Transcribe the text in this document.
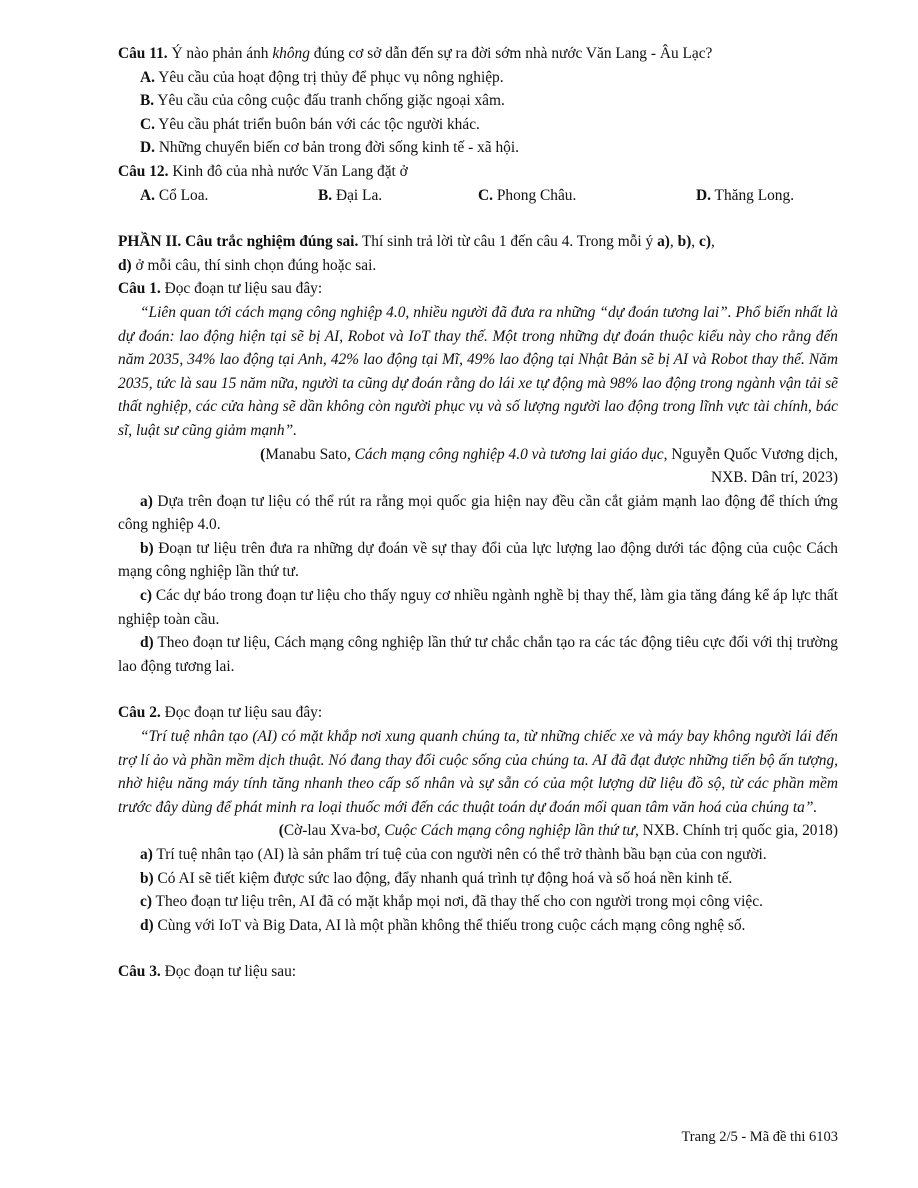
Câu 11. Ý nào phản ánh không đúng cơ sở dẫn đến sự ra đời sớm nhà nước Văn Lang - Âu Lạc?

A. Yêu cầu của hoạt động trị thủy để phục vụ nông nghiệp.

B. Yêu cầu của công cuộc đấu tranh chống giặc ngoại xâm.

C. Yêu cầu phát triển buôn bán với các tộc người khác.

D. Những chuyển biến cơ bản trong đời sống kinh tế - xã hội.

Câu 12. Kinh đô của nhà nước Văn Lang đặt ở

A. Cổ Loa.	B. Đại La.	C. Phong Châu.	D. Thăng Long.

PHẦN II. Câu trắc nghiệm đúng sai. Thí sinh trả lời từ câu 1 đến câu 4. Trong mỗi ý a), b), c),
d) ở mỗi câu, thí sinh chọn đúng hoặc sai.

Câu 1. Đọc đoạn tư liệu sau đây:

“Liên quan tới cách mạng công nghiệp 4.0, nhiều người đã đưa ra những “dự đoán tương lai”. Phổ biến nhất là dự đoán: lao động hiện tại sẽ bị AI, Robot và IoT thay thế. Một trong những dự đoán thuộc kiểu này cho rằng đến năm 2035, 34% lao động tại Anh, 42% lao động tại Mĩ, 49% lao động tại Nhật Bản sẽ bị AI và Robot thay thế. Năm 2035, tức là sau 15 năm nữa, người ta cũng dự đoán rằng do lái xe tự động mà 98% lao động trong ngành vận tải sẽ thất nghiệp, các cửa hàng sẽ dần không còn người phục vụ và số lượng người lao động trong lĩnh vực tài chính, bác sĩ, luật sư cũng giảm mạnh”.

(Manabu Sato, Cách mạng công nghiệp 4.0 và tương lai giáo dục, Nguyễn Quốc Vương dịch,
NXB. Dân trí, 2023)

a) Dựa trên đoạn tư liệu có thể rút ra rằng mọi quốc gia hiện nay đều cần cắt giảm mạnh lao động để thích ứng công nghiệp 4.0.

b) Đoạn tư liệu trên đưa ra những dự đoán về sự thay đổi của lực lượng lao động dưới tác động của cuộc Cách mạng công nghiệp lần thứ tư.

c) Các dự báo trong đoạn tư liệu cho thấy nguy cơ nhiều ngành nghề bị thay thế, làm gia tăng đáng kể áp lực thất nghiệp toàn cầu.

d) Theo đoạn tư liệu, Cách mạng công nghiệp lần thứ tư chắc chắn tạo ra các tác động tiêu cực đối với thị trường lao động tương lai.

Câu 2. Đọc đoạn tư liệu sau đây:

“Trí tuệ nhân tạo (AI) có mặt khắp nơi xung quanh chúng ta, từ những chiếc xe và máy bay không người lái đến trợ lí ảo và phần mềm dịch thuật. Nó đang thay đổi cuộc sống của chúng ta. AI đã đạt được những tiến bộ ấn tượng, nhờ hiệu năng máy tính tăng nhanh theo cấp số nhân và sự sẵn có của một lượng dữ liệu đồ sộ, từ các phần mềm trước đây dùng để phát minh ra loại thuốc mới đến các thuật toán dự đoán mối quan tâm văn hoá của chúng ta”.

(Cờ-lau Xva-bơ, Cuộc Cách mạng công nghiệp lần thứ tư, NXB. Chính trị quốc gia, 2018)

a) Trí tuệ nhân tạo (AI) là sản phẩm trí tuệ của con người nên có thể trở thành bầu bạn của con người.

b) Có AI sẽ tiết kiệm được sức lao động, đẩy nhanh quá trình tự động hoá và số hoá nền kinh tế.

c) Theo đoạn tư liệu trên, AI đã có mặt khắp mọi nơi, đã thay thế cho con người trong mọi công việc.

d) Cùng với IoT và Big Data, AI là một phần không thể thiếu trong cuộc cách mạng công nghệ số.

Câu 3. Đọc đoạn tư liệu sau:

Trang 2/5 - Mã đề thi 6103
